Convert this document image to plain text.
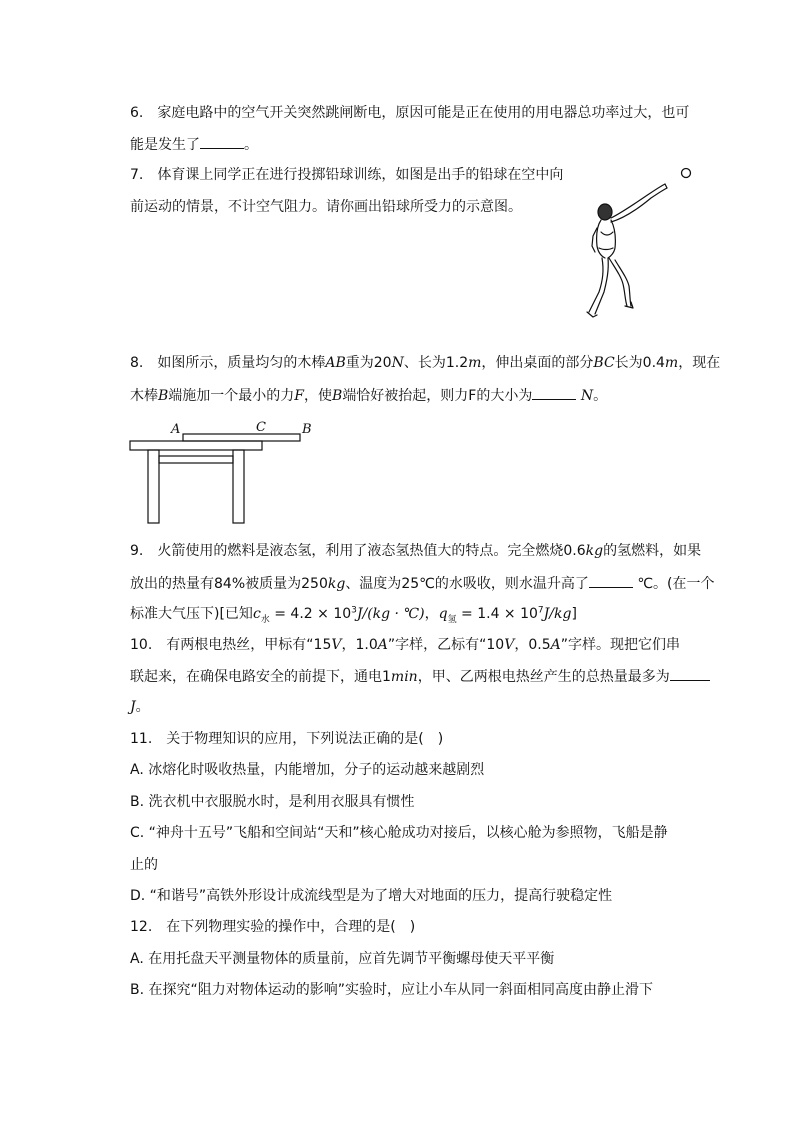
6. 家庭电路中的空气开关突然跳闸断电，原因可能是正在使用的用电器总功率过大，也可
能是发生了	。
7. 体育课上同学正在进行投掷铅球训练，如图是出手的铅球在空中向
前运动的情景，不计空气阻力。请你画出铅球所受力的示意图。
8. 如图所示，质量均匀的木棒AB重为20N、长为1.2m，伸出桌面的部分BC长为0.4m，现在
木棒B端施加一个最小的力F，使B端恰好被抬起，则力F的大小为	N。
A	C	B
9. 火箭使用的燃料是液态氢，利用了液态氢热值大的特点。完全燃烧0.6kg的氢燃料，如果
放出的热量有84%被质量为250kg、温度为25℃的水吸收，则水温升高了	℃。(在一个
标准大气压下)[已知$c_水 = 4.2 \times 10^3J/(kg$ · ℃)，$q_氢 = 1.4 \times 10^7J/kg$]
10. 有两根电热丝，甲标有“15V，1.0A”字样，乙标有“10V，0.5A”字样。现把它们串
联起来，在确保电路安全的前提下，通电1min，甲、乙两根电热丝产生的总热量最多为
J。
11. 关于物理知识的应用，下列说法正确的是( )
A. 冰熔化时吸收热量，内能增加，分子的运动越来越剧烈
B. 洗衣机中衣服脱水时，是利用衣服具有惯性
C. “神舟十五号”飞船和空间站“天和”核心舱成功对接后，以核心舱为参照物，飞船是静
止的
D. “和谐号”高铁外形设计成流线型是为了增大对地面的压力，提高行驶稳定性
12. 在下列物理实验的操作中，合理的是( )
A. 在用托盘天平测量物体的质量前，应首先调节平衡螺母使天平平衡
B. 在探究“阻力对物体运动的影响”实验时，应让小车从同一斜面相同高度由静止滑下
